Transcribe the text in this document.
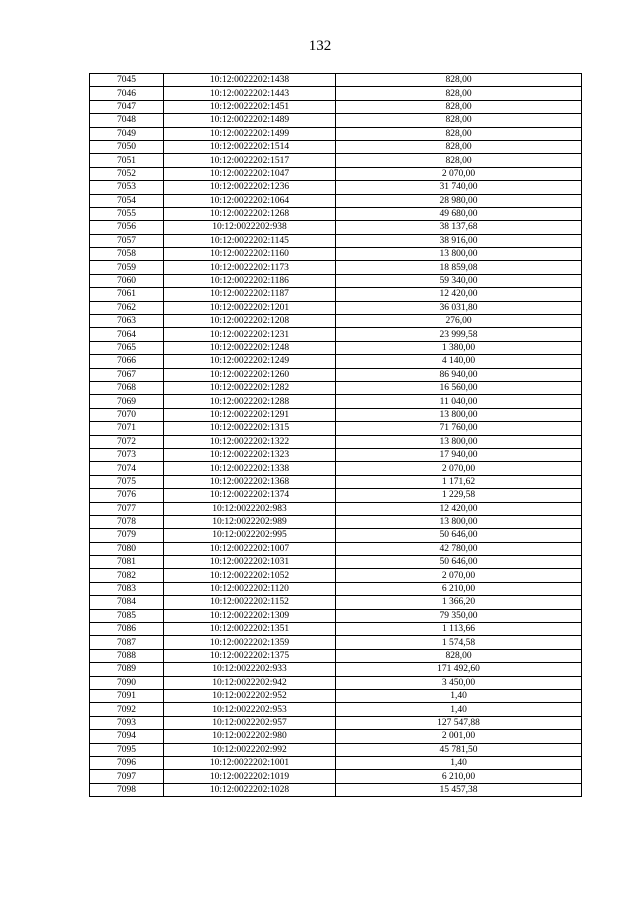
132
7045	10:12:0022202:1438	828,00
7046	10:12:0022202:1443	828,00
7047	10:12:0022202:1451	828,00
7048	10:12:0022202:1489	828,00
7049	10:12:0022202:1499	828,00
7050	10:12:0022202:1514	828,00
7051	10:12:0022202:1517	828,00
7052	10:12:0022202:1047	2 070,00
7053	10:12:0022202:1236	31 740,00
7054	10:12:0022202:1064	28 980,00
7055	10:12:0022202:1268	49 680,00
7056	10:12:0022202:938	38 137,68
7057	10:12:0022202:1145	38 916,00
7058	10:12:0022202:1160	13 800,00
7059	10:12:0022202:1173	18 859,08
7060	10:12:0022202:1186	59 340,00
7061	10:12:0022202:1187	12 420,00
7062	10:12:0022202:1201	36 031,80
7063	10:12:0022202:1208	276,00
7064	10:12:0022202:1231	23 999,58
7065	10:12:0022202:1248	1 380,00
7066	10:12:0022202:1249	4 140,00
7067	10:12:0022202:1260	86 940,00
7068	10:12:0022202:1282	16 560,00
7069	10:12:0022202:1288	11 040,00
7070	10:12:0022202:1291	13 800,00
7071	10:12:0022202:1315	71 760,00
7072	10:12:0022202:1322	13 800,00
7073	10:12:0022202:1323	17 940,00
7074	10:12:0022202:1338	2 070,00
7075	10:12:0022202:1368	1 171,62
7076	10:12:0022202:1374	1 229,58
7077	10:12:0022202:983	12 420,00
7078	10:12:0022202:989	13 800,00
7079	10:12:0022202:995	50 646,00
7080	10:12:0022202:1007	42 780,00
7081	10:12:0022202:1031	50 646,00
7082	10:12:0022202:1052	2 070,00
7083	10:12:0022202:1120	6 210,00
7084	10:12:0022202:1152	1 366,20
7085	10:12:0022202:1309	79 350,00
7086	10:12:0022202:1351	1 113,66
7087	10:12:0022202:1359	1 574,58
7088	10:12:0022202:1375	828,00
7089	10:12:0022202:933	171 492,60
7090	10:12:0022202:942	3 450,00
7091	10:12:0022202:952	1,40
7092	10:12:0022202:953	1,40
7093	10:12:0022202:957	127 547,88
7094	10:12:0022202:980	2 001,00
7095	10:12:0022202:992	45 781,50
7096	10:12:0022202:1001	1,40
7097	10:12:0022202:1019	6 210,00
7098	10:12:0022202:1028	15 457,38
